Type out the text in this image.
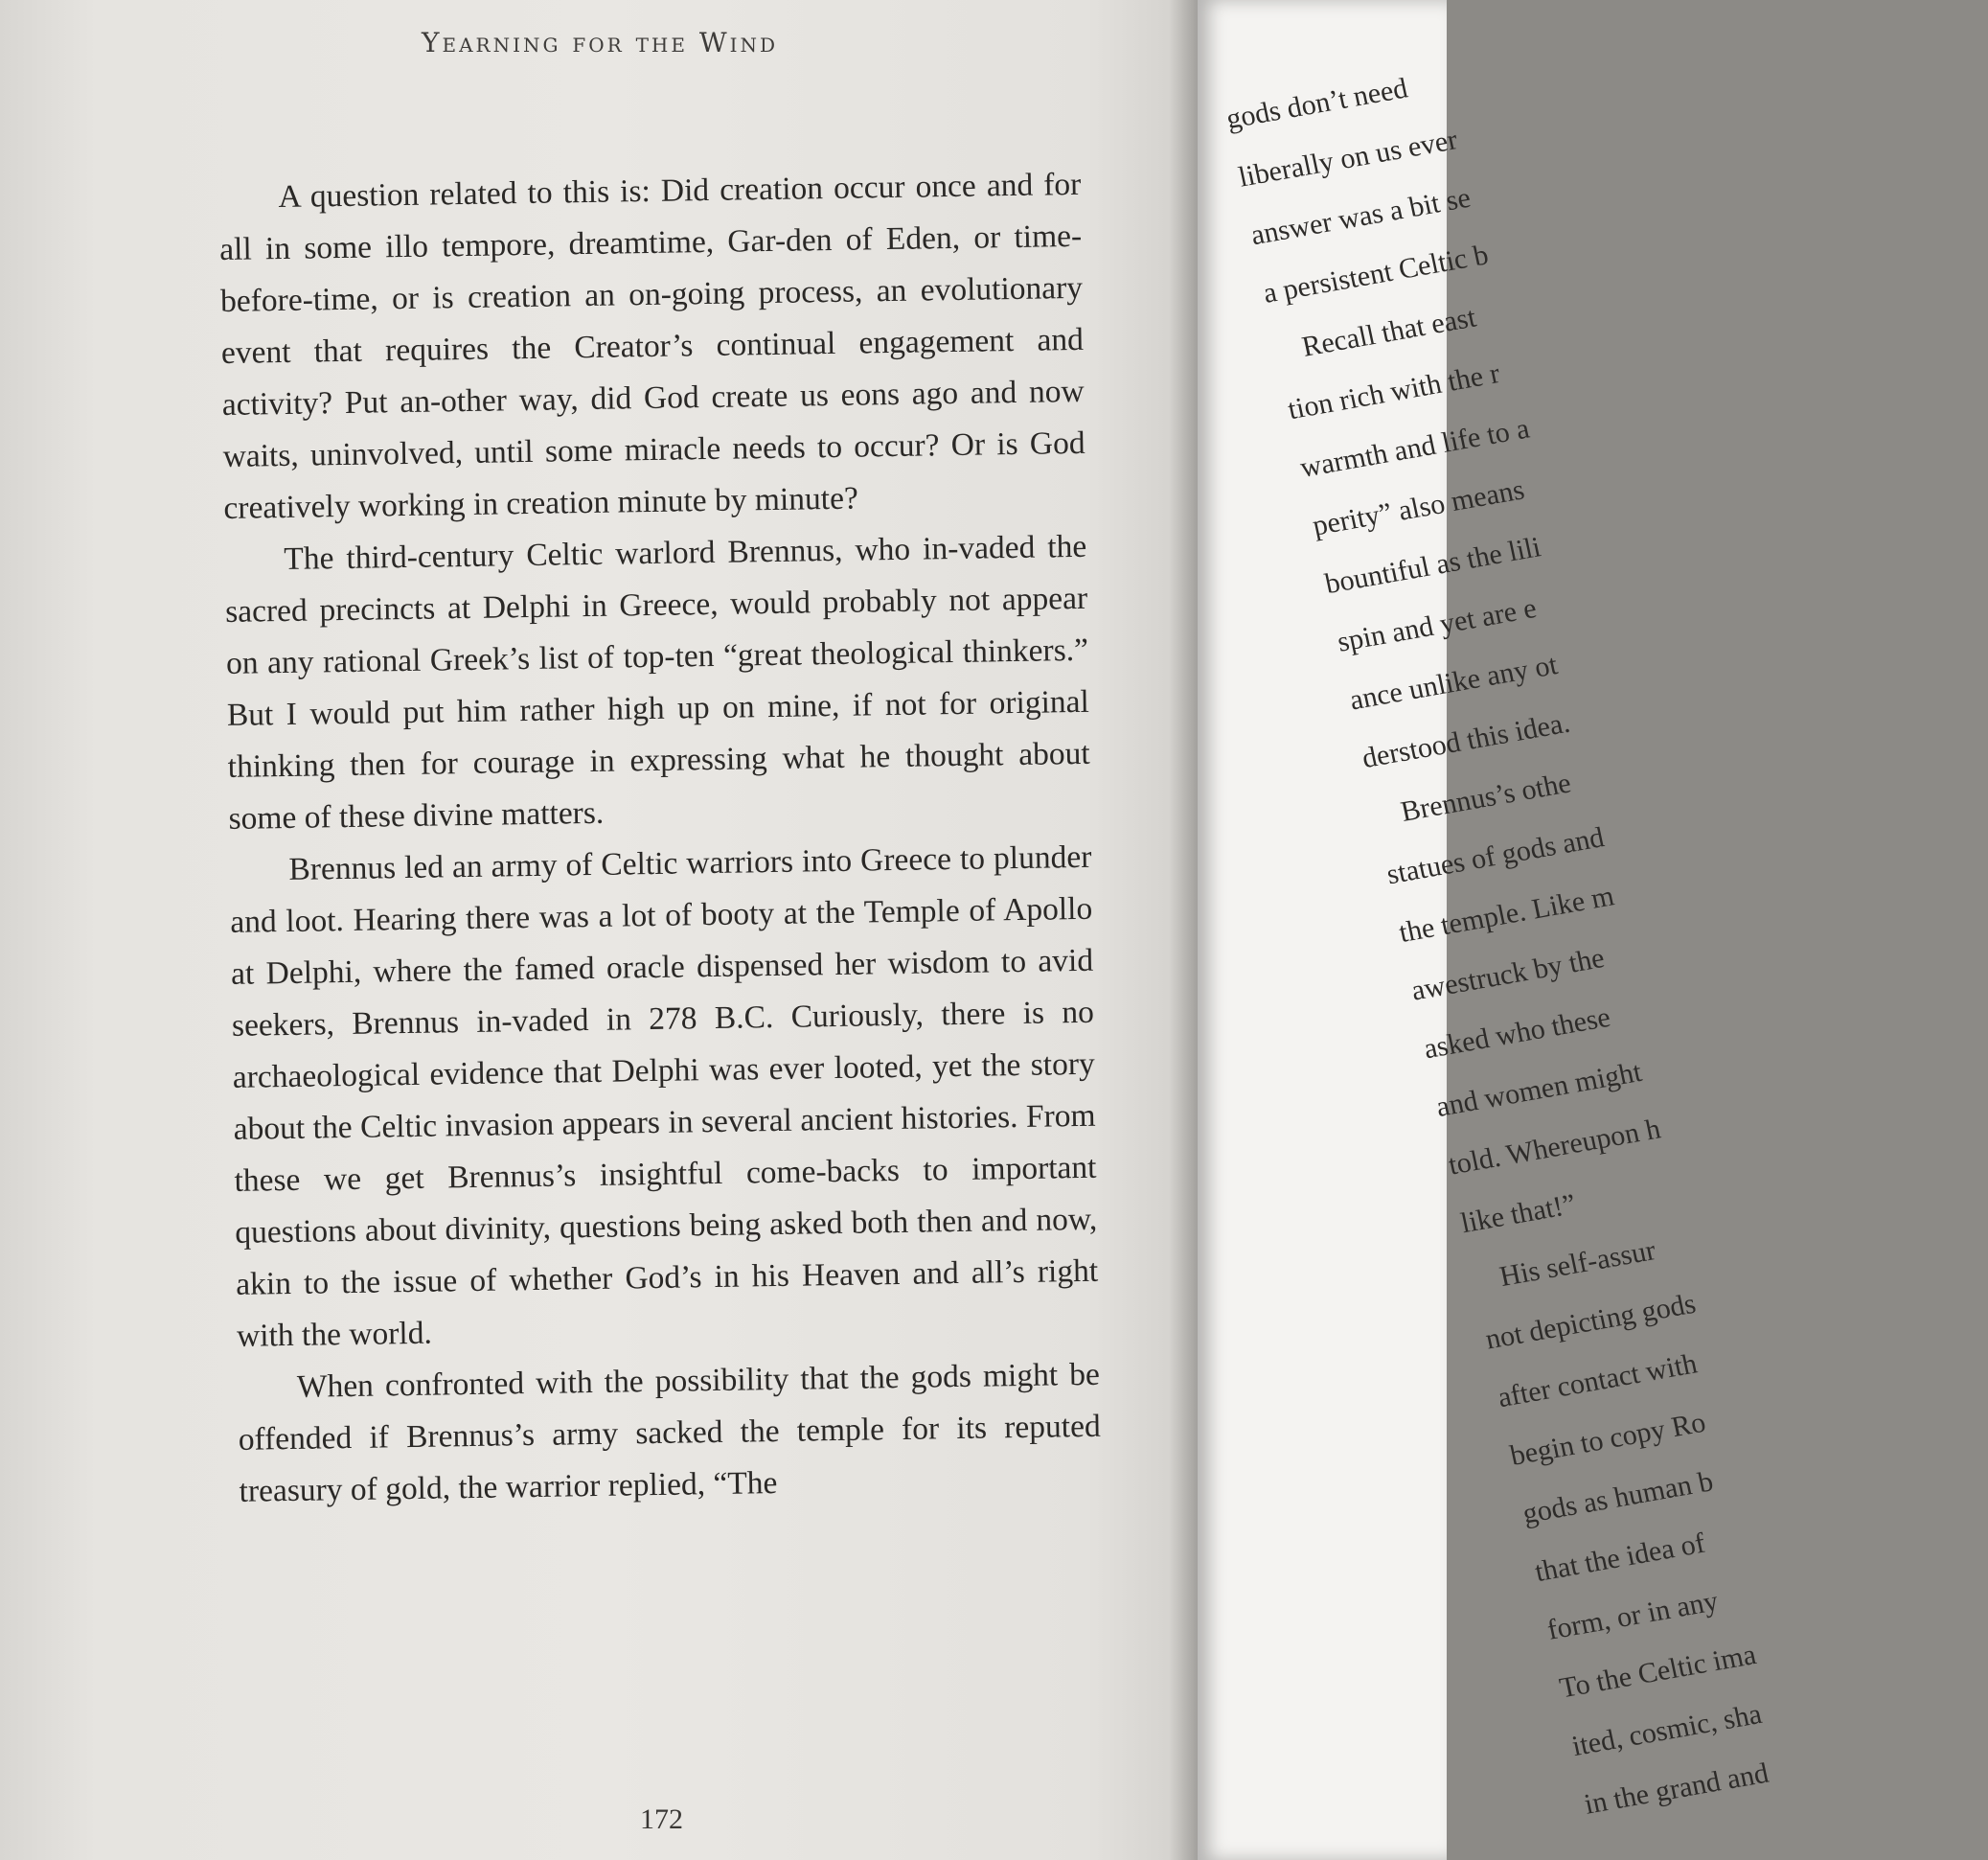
Yearning for the Wind

A question related to this is: Did creation occur once and for all in some illo tempore, dreamtime, Gar-den of Eden, or time-before-time, or is creation an on-going process, an evolutionary event that requires the Creator’s continual engagement and activity? Put an-other way, did God create us eons ago and now waits, uninvolved, until some miracle needs to occur? Or is God creatively working in creation minute by minute?

The third-century Celtic warlord Brennus, who in-vaded the sacred precincts at Delphi in Greece, would probably not appear on any rational Greek’s list of top-ten “great theological thinkers.” But I would put him rather high up on mine, if not for original thinking then for courage in expressing what he thought about some of these divine matters.

Brennus led an army of Celtic warriors into Greece to plunder and loot. Hearing there was a lot of booty at the Temple of Apollo at Delphi, where the famed oracle dispensed her wisdom to avid seekers, Brennus in-vaded in 278 B.C. Curiously, there is no archaeological evidence that Delphi was ever looted, yet the story about the Celtic invasion appears in several ancient histories. From these we get Brennus’s insightful come-backs to important questions about divinity, questions being asked both then and now, akin to the issue of whether God’s in his Heaven and all’s right with the world.

When confronted with the possibility that the gods might be offended if Brennus’s army sacked the temple for its reputed treasury of gold, the warrior replied, “The

172
gods don’t need
liberally on us ever
answer was a bit se
a persistent Celtic b
Recall that east
tion rich with the r
warmth and life to a
perity” also means
bountiful as the lili
spin and yet are e
ance unlike any ot
derstood this idea.
Brennus’s othe
statues of gods and
the temple. Like m
awestruck by the
asked who these
and women might
told. Whereupon h
like that!”
His self-assur
not depicting gods
after contact with
begin to copy Ro
gods as human b
that the idea of
form, or in any
To the Celtic ima
ited, cosmic, sha
in the grand and
